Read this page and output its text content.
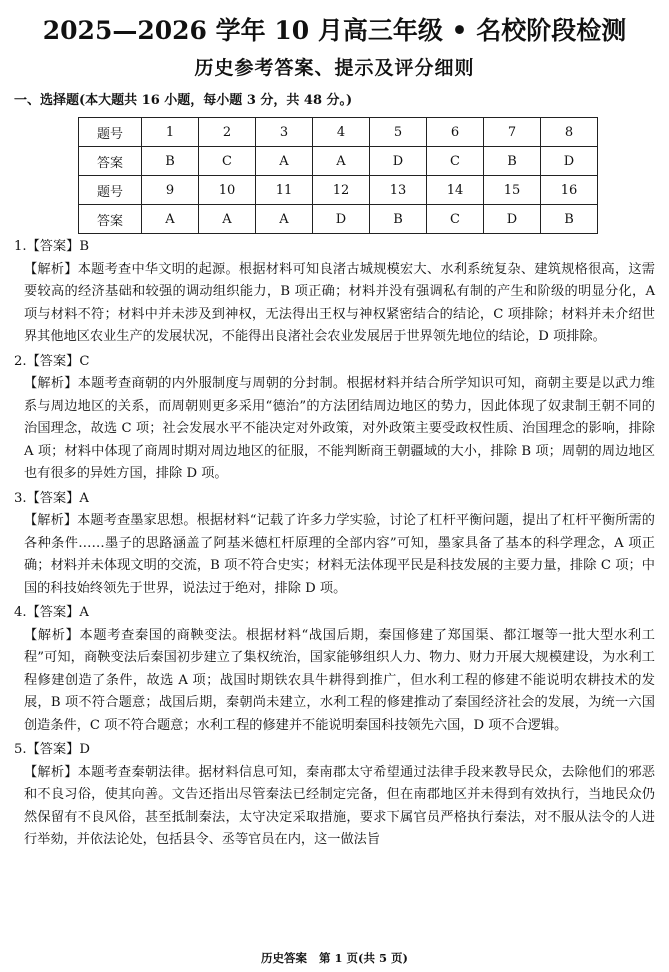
2025—2026 学年 10 月高三年级 • 名校阶段检测
历史参考答案、提示及评分细则
一、选择题(本大题共 16 小题，每小题 3 分，共 48 分。)
题号	1	2	3	4	5	6	7	8
答案	B	C	A	A	D	C	B	D
题号	9	10	11	12	13	14	15	16
答案	A	A	A	D	B	C	D	B
1.【答案】B
【解析】本题考查中华文明的起源。根据材料可知良渚古城规模宏大、水利系统复杂、建筑规格很高，这需要较高的经济基础和较强的调动组织能力，B 项正确；材料并没有强调私有制的产生和阶级的明显分化，A 项与材料不符；材料中并未涉及到神权，无法得出王权与神权紧密结合的结论，C 项排除；材料并未介绍世界其他地区农业生产的发展状况，不能得出良渚社会农业发展居于世界领先地位的结论，D 项排除。
2.【答案】C
【解析】本题考查商朝的内外服制度与周朝的分封制。根据材料并结合所学知识可知，商朝主要是以武力维系与周边地区的关系，而周朝则更多采用“德治”的方法团结周边地区的势力，因此体现了奴隶制王朝不同的治国理念，故选 C 项；社会发展水平不能决定对外政策，对外政策主要受政权性质、治国理念的影响，排除 A 项；材料中体现了商周时期对周边地区的征服，不能判断商王朝疆域的大小，排除 B 项；周朝的周边地区也有很多的异姓方国，排除 D 项。
3.【答案】A
【解析】本题考查墨家思想。根据材料“记载了许多力学实验，讨论了杠杆平衡问题，提出了杠杆平衡所需的各种条件……墨子的思路涵盖了阿基米德杠杆原理的全部内容”可知，墨家具备了基本的科学理念，A 项正确；材料并未体现文明的交流，B 项不符合史实；材料无法体现平民是科技发展的主要力量，排除 C 项；中国的科技始终领先于世界，说法过于绝对，排除 D 项。
4.【答案】A
【解析】本题考查秦国的商鞅变法。根据材料“战国后期，秦国修建了郑国渠、都江堰等一批大型水利工程”可知，商鞅变法后秦国初步建立了集权统治，国家能够组织人力、物力、财力开展大规模建设，为水利工程修建创造了条件，故选 A 项；战国时期铁农具牛耕得到推广，但水利工程的修建不能说明农耕技术的发展，B 项不符合题意；战国后期，秦朝尚未建立，水利工程的修建推动了秦国经济社会的发展，为统一六国创造条件，C 项不符合题意；水利工程的修建并不能说明秦国科技领先六国，D 项不合逻辑。
5.【答案】D
【解析】本题考查秦朝法律。据材料信息可知，秦南郡太守希望通过法律手段来教导民众，去除他们的邪恶和不良习俗，使其向善。文告还指出尽管秦法已经制定完备，但在南郡地区并未得到有效执行，当地民众仍然保留有不良风俗，甚至抵制秦法，太守决定采取措施，要求下属官员严格执行秦法，对不服从法令的人进行举劾，并依法论处，包括县令、丞等官员在内，这一做法旨
历史答案 第 1 页(共 5 页)
